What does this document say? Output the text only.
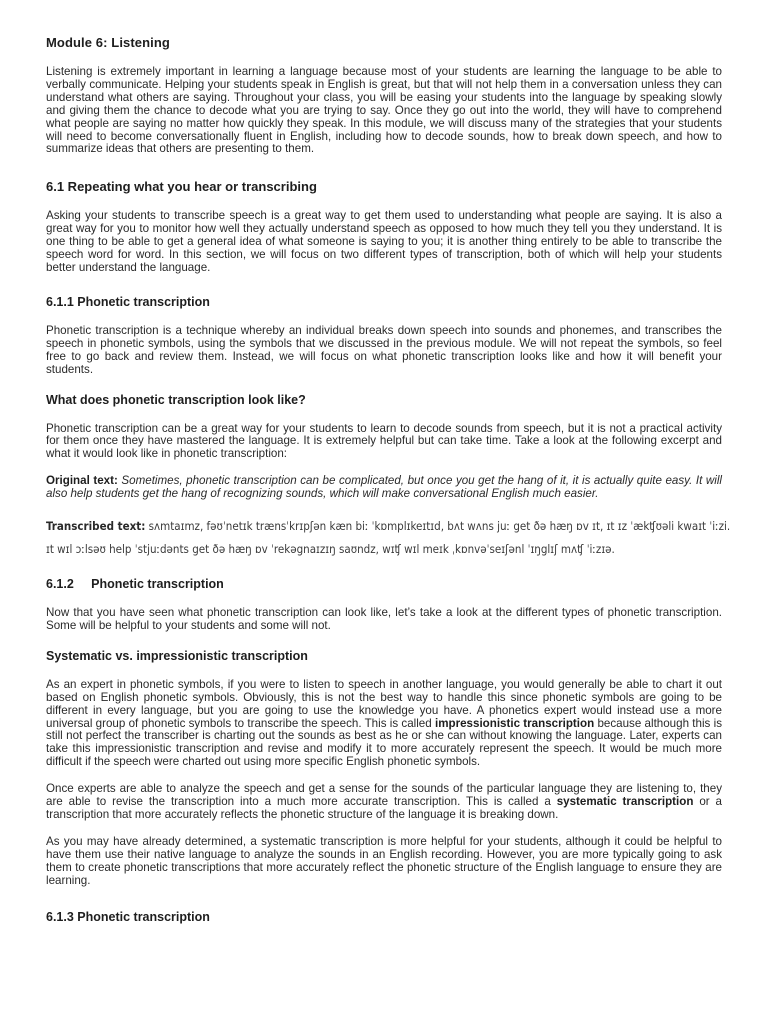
Module 6: Listening

Listening is extremely important in learning a language because most of your students are learning the language to be able to verbally communicate. Helping your students speak in English is great, but that will not help them in a conversation unless they can understand what others are saying. Throughout your class, you will be easing your students into the language by speaking slowly and giving them the chance to decode what you are trying to say. Once they go out into the world, they will have to comprehend what people are saying no matter how quickly they speak. In this module, we will discuss many of the strategies that your students will need to become conversationally fluent in English, including how to decode sounds, how to break down speech, and how to summarize ideas that others are presenting to them.

6.1 Repeating what you hear or transcribing

Asking your students to transcribe speech is a great way to get them used to understanding what people are saying. It is also a great way for you to monitor how well they actually understand speech as opposed to how much they tell you they understand. It is one thing to be able to get a general idea of what someone is saying to you; it is another thing entirely to be able to transcribe the speech word for word. In this section, we will focus on two different types of transcription, both of which will help your students better understand the language.

6.1.1 Phonetic transcription

Phonetic transcription is a technique whereby an individual breaks down speech into sounds and phonemes, and transcribes the speech in phonetic symbols, using the symbols that we discussed in the previous module. We will not repeat the symbols, so feel free to go back and review them. Instead, we will focus on what phonetic transcription looks like and how it will benefit your students.

What does phonetic transcription look like?

Phonetic transcription can be a great way for your students to learn to decode sounds from speech, but it is not a practical activity for them once they have mastered the language. It is extremely helpful but can take time. Take a look at the following excerpt and what it would look like in phonetic transcription:

Original text: Sometimes, phonetic transcription can be complicated, but once you get the hang of it, it is actually quite easy. It will also help students get the hang of recognizing sounds, which will make conversational English much easier.

Transcribed text: sʌmtaɪmz, fəʊˈnetɪk trænsˈkrɪpʃən kæn biː ˈkɒmplɪkeɪtɪd, bʌt wʌns juː get ðə hæŋ ɒv ɪt, ɪt ɪz ˈækʧʊəli kwaɪt ˈiːzi.
ɪt wɪl ɔːlsəʊ help ˈstjuːdənts get ðə hæŋ ɒv ˈrekəgnaɪzɪŋ saʊndz, wɪʧ wɪl meɪk ˌkɒnvəˈseɪʃənl ˈɪŋglɪʃ mʌʧ ˈiːzɪə.
6.1.2     Phonetic transcription

Now that you have seen what phonetic transcription can look like, let’s take a look at the different types of phonetic transcription. Some will be helpful to your students and some will not.

Systematic vs. impressionistic transcription

As an expert in phonetic symbols, if you were to listen to speech in another language, you would generally be able to chart it out based on English phonetic symbols. Obviously, this is not the best way to handle this since phonetic symbols are going to be different in every language, but you are going to use the knowledge you have. A phonetics expert would instead use a more universal group of phonetic symbols to transcribe the speech. This is called impressionistic transcription because although this is still not perfect the transcriber is charting out the sounds as best as he or she can without knowing the language. Later, experts can take this impressionistic transcription and revise and modify it to more accurately represent the speech. It would be much more difficult if the speech were charted out using more specific English phonetic symbols.

Once experts are able to analyze the speech and get a sense for the sounds of the particular language they are listening to, they are able to revise the transcription into a much more accurate transcription. This is called a systematic transcription or a transcription that more accurately reflects the phonetic structure of the language it is breaking down.

As you may have already determined, a systematic transcription is more helpful for your students, although it could be helpful to have them use their native language to analyze the sounds in an English recording. However, you are more typically going to ask them to create phonetic transcriptions that more accurately reflect the phonetic structure of the English language to ensure they are learning.

6.1.3 Phonetic transcription
